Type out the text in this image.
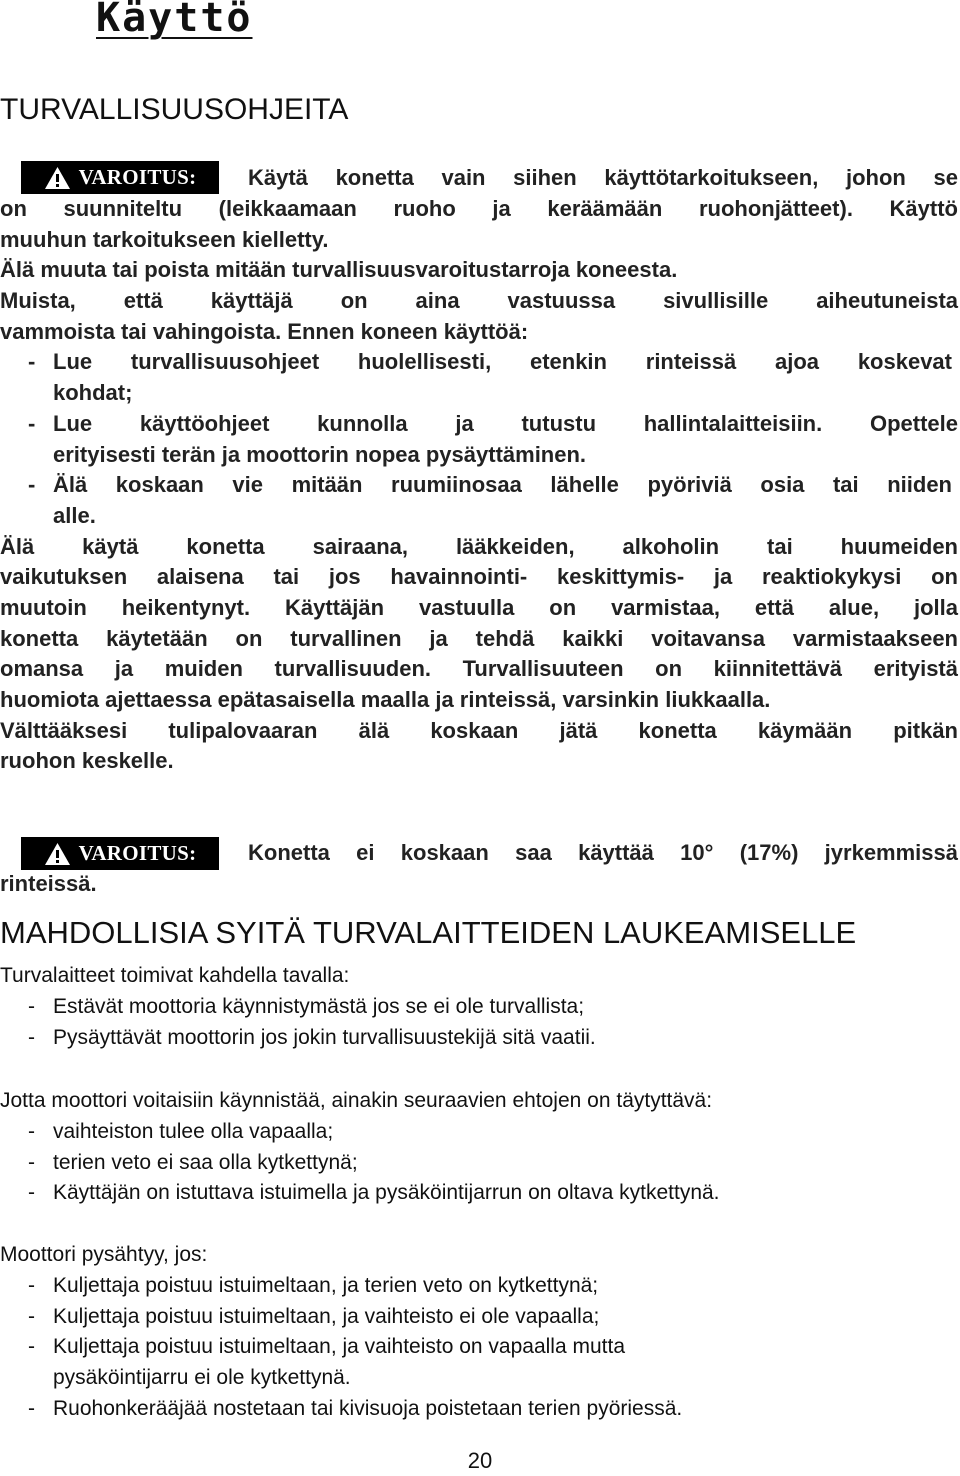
Käyttö
TURVALLISUUSOHJEITA
VAROITUS: Käytä konetta vain siihen käyttötarkoitukseen, johon se
on suunniteltu (leikkaamaan ruoho ja keräämään ruohonjätteet). Käyttö
muuhun tarkoitukseen kielletty.
Älä muuta tai poista mitään turvallisuusvaroitustarroja koneesta.
Muista, että käyttäjä on aina vastuussa sivullisille aiheutuneista
vammoista tai vahingoista. Ennen koneen käyttöä:
- Lue turvallisuusohjeet huolellisesti, etenkin rinteissä ajoa koskevat
kohdat;
- Lue käyttöohjeet kunnolla ja tutustu hallintalaitteisiin. Opettele
erityisesti terän ja moottorin nopea pysäyttäminen.
- Älä koskaan vie mitään ruumiinosaa lähelle pyöriviä osia tai niiden
alle.
Älä käytä konetta sairaana, lääkkeiden, alkoholin tai huumeiden
vaikutuksen alaisena tai jos havainnointi- keskittymis- ja reaktiokykysi on
muutoin heikentynyt. Käyttäjän vastuulla on varmistaa, että alue, jolla
konetta käytetään on turvallinen ja tehdä kaikki voitavansa varmistaakseen
omansa ja muiden turvallisuuden. Turvallisuuteen on kiinnitettävä erityistä
huomiota ajettaessa epätasaisella maalla ja rinteissä, varsinkin liukkaalla.
Välttääksesi tulipalovaaran älä koskaan jätä konetta käymään pitkän
ruohon keskelle.
VAROITUS: Konetta ei koskaan saa käyttää 10° (17%) jyrkemmissä
rinteissä.
MAHDOLLISIA SYITÄ TURVALAITTEIDEN LAUKEAMISELLE
Turvalaitteet toimivat kahdella tavalla:
- Estävät moottoria käynnistymästä jos se ei ole turvallista;
- Pysäyttävät moottorin jos jokin turvallisuustekijä sitä vaatii.
Jotta moottori voitaisiin käynnistää, ainakin seuraavien ehtojen on täytyttävä:
- vaihteiston tulee olla vapaalla;
- terien veto ei saa olla kytkettynä;
- Käyttäjän on istuttava istuimella ja pysäköintijarrun on oltava kytkettynä.
Moottori pysähtyy, jos:
- Kuljettaja poistuu istuimeltaan, ja terien veto on kytkettynä;
- Kuljettaja poistuu istuimeltaan, ja vaihteisto ei ole vapaalla;
- Kuljettaja poistuu istuimeltaan, ja vaihteisto on vapaalla mutta
pysäköintijarru ei ole kytkettynä.
- Ruohonkerääjää nostetaan tai kivisuoja poistetaan terien pyöriessä.
20
